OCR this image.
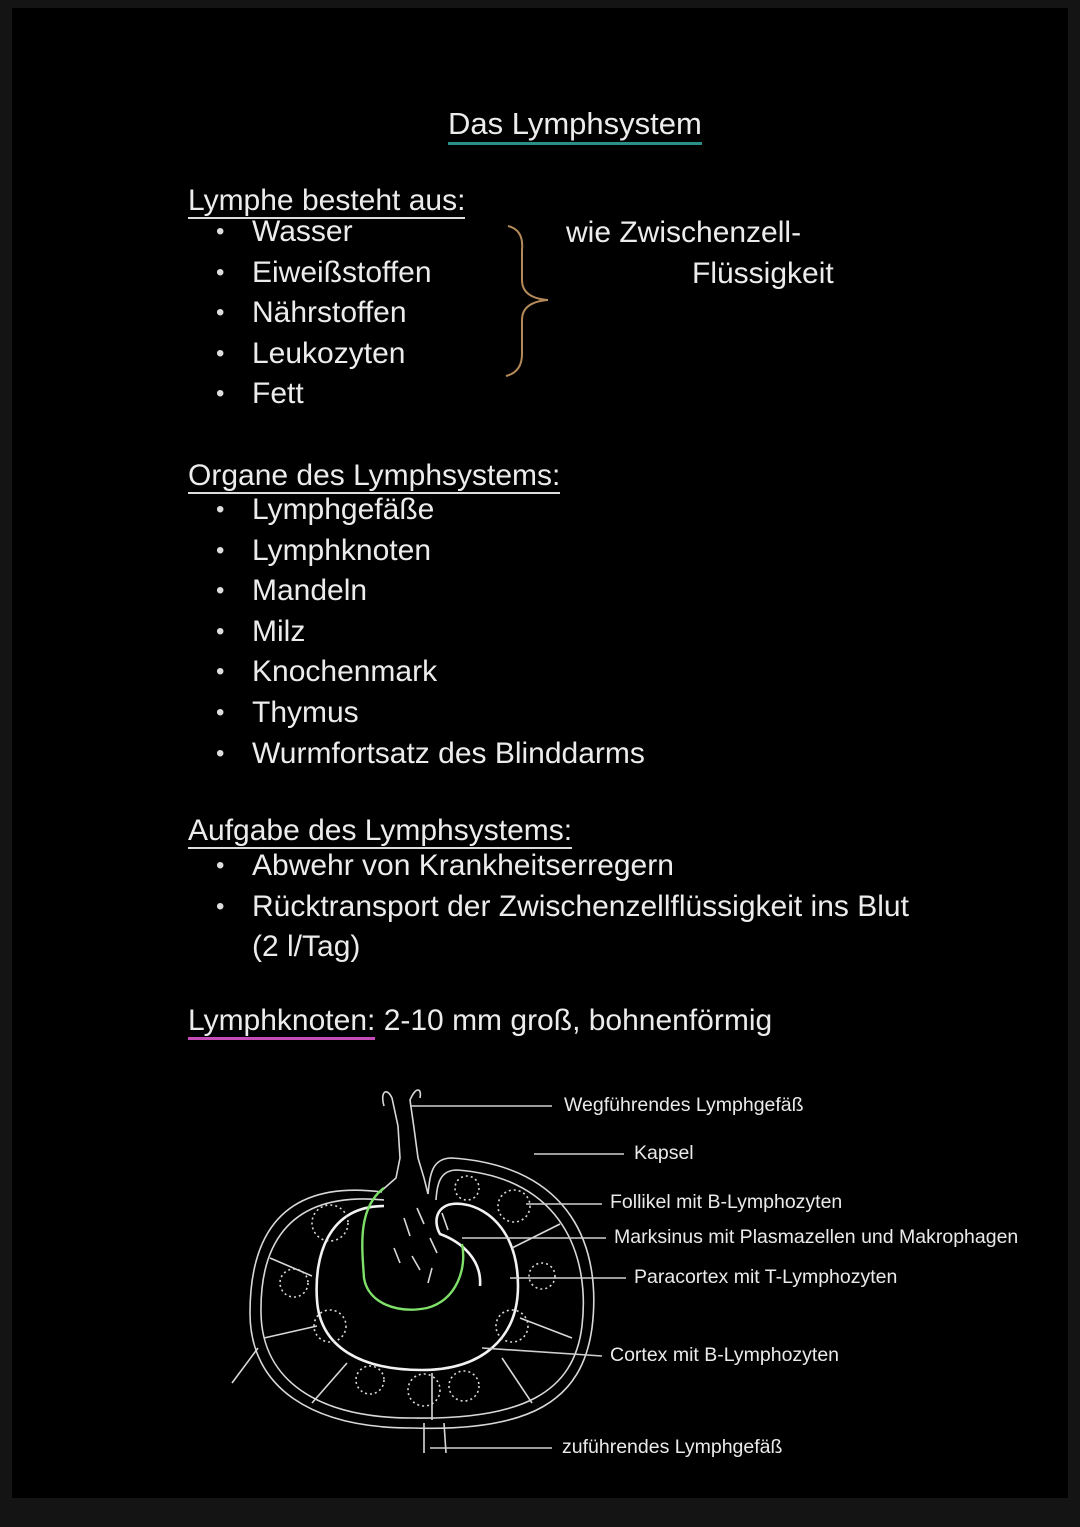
Das Lymphsystem
Lymphe besteht aus:
• Wasser
• Eiweißstoffen
• Nährstoffen
• Leukozyten
• Fett
wie Zwischenzell-
Flüssigkeit
Organe des Lymphsystems:
• Lymphgefäße
• Lymphknoten
• Mandeln
• Milz
• Knochenmark
• Thymus
• Wurmfortsatz des Blinddarms
Aufgabe des Lymphsystems:
• Abwehr von Krankheitserregern
• Rücktransport der Zwischenzellflüssigkeit ins Blut
(2 l/Tag)
Lymphknoten: 2-10 mm groß, bohnenförmig
Wegführendes Lymphgefäß
Kapsel
Follikel mit B-Lymphozyten
Marksinus mit Plasmazellen und Makrophagen
Paracortex mit T-Lymphozyten
Cortex mit B-Lymphozyten
zuführendes Lymphgefäß
